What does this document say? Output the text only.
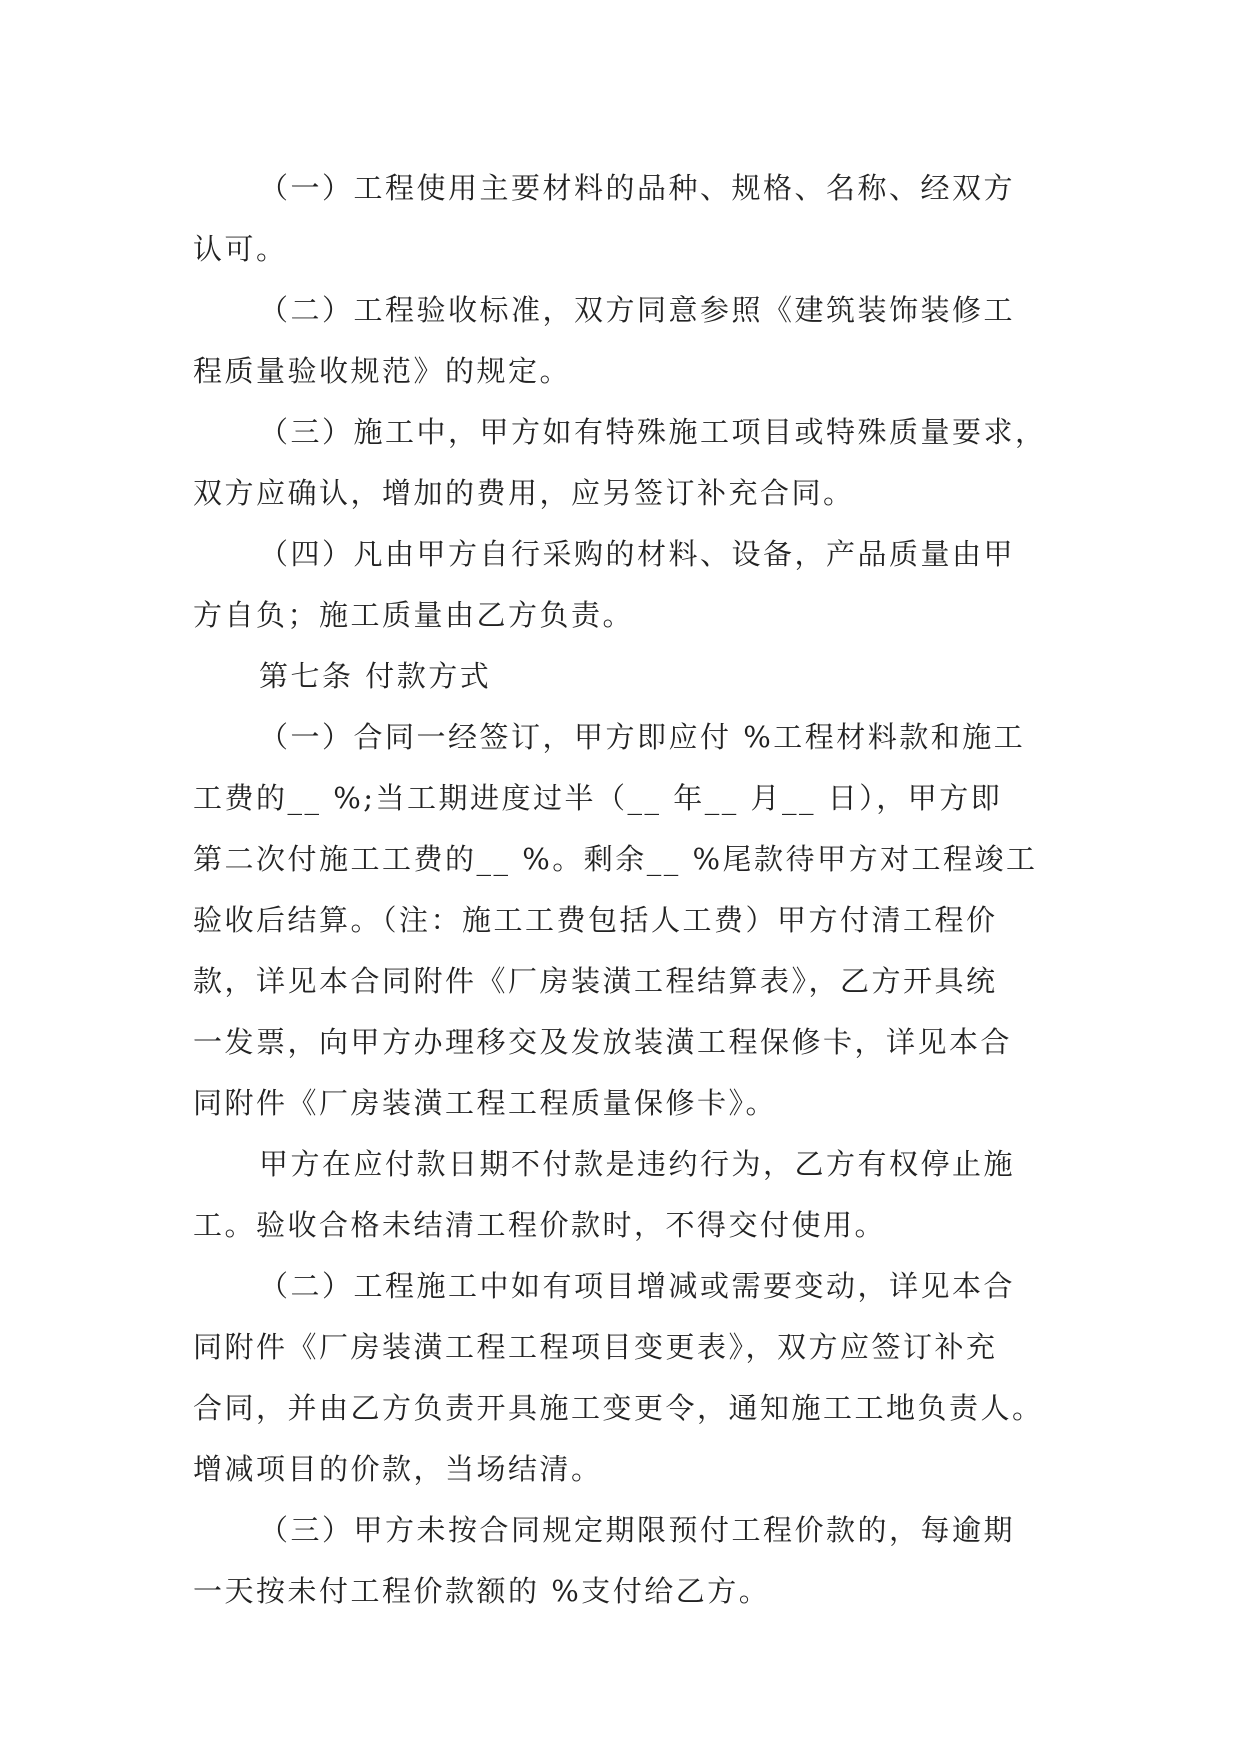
（一）工程使用主要材料的品种、规格、名称、经双方
认可。
（二）工程验收标准，双方同意参照《建筑装饰装修工
程质量验收规范》的规定。
（三）施工中，甲方如有特殊施工项目或特殊质量要求，
双方应确认，增加的费用，应另签订补充合同。
（四）凡由甲方自行采购的材料、设备，产品质量由甲
方自负；施工质量由乙方负责。
第七条 付款方式
（一）合同一经签订，甲方即应付 %工程材料款和施工
工费的__ %;当工期进度过半（__ 年__ 月__ 日），甲方即
第二次付施工工费的__ %。剩余__ %尾款待甲方对工程竣工
验收后结算。（注：施工工费包括人工费）甲方付清工程价
款，详见本合同附件《厂房装潢工程结算表》，乙方开具统
一发票，向甲方办理移交及发放装潢工程保修卡，详见本合
同附件《厂房装潢工程工程质量保修卡》。
甲方在应付款日期不付款是违约行为，乙方有权停止施
工。验收合格未结清工程价款时，不得交付使用。
（二）工程施工中如有项目增减或需要变动，详见本合
同附件《厂房装潢工程工程项目变更表》，双方应签订补充
合同，并由乙方负责开具施工变更令，通知施工工地负责人。
增减项目的价款，当场结清。
（三）甲方未按合同规定期限预付工程价款的，每逾期
一天按未付工程价款额的 %支付给乙方。
